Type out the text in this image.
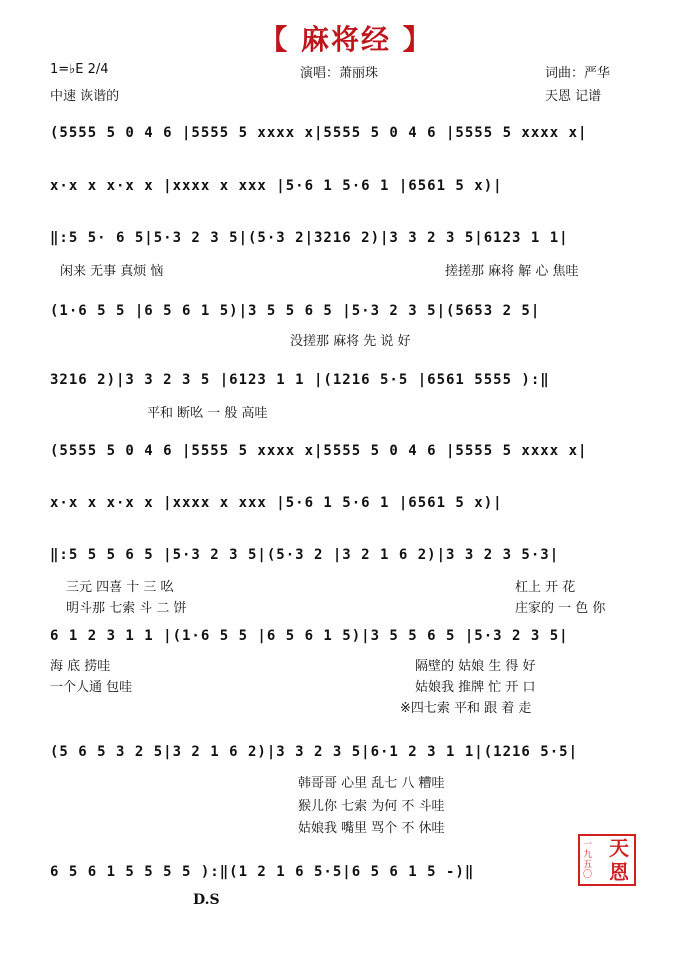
【 麻将经 】
1=♭E 2/4
中速 诙谐的
演唱：萧丽珠	词曲：严华
天恩 记谱
(5555 5 0 4 6 |5555 5 xxxx x|5555 5 0 4 6 |5555 5 xxxx x|
x·x x x·x x |xxxx x xxx |5·6 1 5·6 1 |6561 5 x)|
‖:5 5· 6 5|5·3 2 3 5|(5·3 2|3216 2)|3 3 2 3 5|6123 1 1|
闲来 无事 真烦 恼	搓搓那 麻将 解 心 焦哇
(1·6 5 5 |6 5 6 1 5)|3 5 5 6 5 |5·3 2 3 5|(5653 2 5|
没搓那 麻将 先 说 好
3216 2)|3 3 2 3 5 |6123 1 1 |(1216 5·5 |6561 5555 ):‖
平和 断吆 一 般 高哇
(5555 5 0 4 6 |5555 5 xxxx x|5555 5 0 4 6 |5555 5 xxxx x|
x·x x x·x x |xxxx x xxx |5·6 1 5·6 1 |6561 5 x)|
‖:5 5 5 6 5 |5·3 2 3 5|(5·3 2 |3 2 1 6 2)|3 3 2 3 5·3|
三元 四喜 十 三 吆
明斗那 七索 斗 二 饼
杠上 开 花
庄家的 一 色 你
6 1 2 3 1 1 |(1·6 5 5 |6 5 6 1 5)|3 5 5 6 5 |5·3 2 3 5|
海 底 捞哇
一个人通 包哇
隔壁的 姑娘 生 得 好
姑娘我 推牌 忙 开 口
※四七索 平和 跟 着 走
(5 6 5 3 2 5|3 2 1 6 2)|3 3 2 3 5|6·1 2 3 1 1|(1216 5·5|
韩哥哥 心里 乱七 八 糟哇
猴儿你 七索 为何 不 斗哇
姑娘我 嘴里 骂个 不 休哇
6 5 6 1 5 5 5 5 ):‖(1 2 1 6 5·5|6 5 6 1 5 -)‖
D.S
天恩
一九五〇
